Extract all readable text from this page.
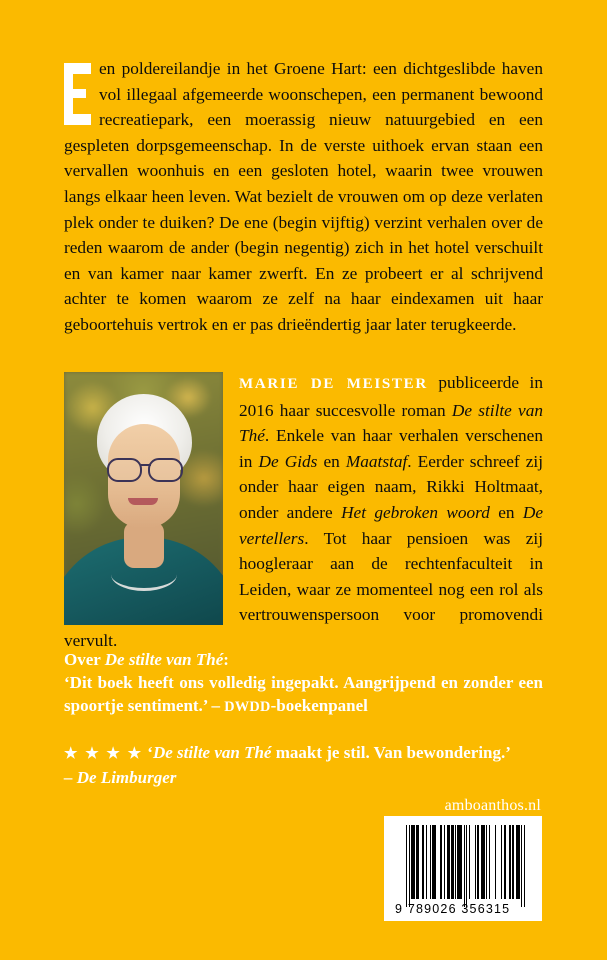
en poldereilandje in het Groene Hart: een dichtgeslibde haven vol illegaal afgemeerde woonschepen, een permanent bewoond recreatiepark, een moerassig nieuw natuurgebied en een gespleten dorpsgemeenschap. In de verste uithoek ervan staan een vervallen woonhuis en een gesloten hotel, waarin twee vrouwen langs elkaar heen leven. Wat bezielt de vrouwen om op deze verlaten plek onder te duiken? De ene (begin vijftig) verzint verhalen over de reden waarom de ander (begin negentig) zich in het hotel verschuilt en van kamer naar kamer zwerft. En ze probeert er al schrijvend achter te komen waarom ze zelf na haar eindexamen uit haar geboortehuis vertrok en er pas drieëndertig jaar later terugkeerde.
MARIE DE MEISTER publiceerde in 2016 haar succesvolle roman De stilte van Thé. Enkele van haar verhalen verschenen in De Gids en Maatstaf. Eerder schreef zij onder haar eigen naam, Rikki Holtmaat, onder andere Het gebroken woord en De vertellers. Tot haar pensioen was zij hoogleraar aan de rechtenfaculteit in Leiden, waar ze momenteel nog een rol als vertrouwenspersoon voor promovendi vervult.
Over De stilte van Thé:
‘Dit boek heeft ons volledig ingepakt. Aangrijpend en zonder een spoortje sentiment.’ – DWDD-boekenpanel
★ ★ ★ ★ ‘De stilte van Thé maakt je stil. Van bewondering.’
– De Limburger
amboanthos.nl
9 789026 356315
